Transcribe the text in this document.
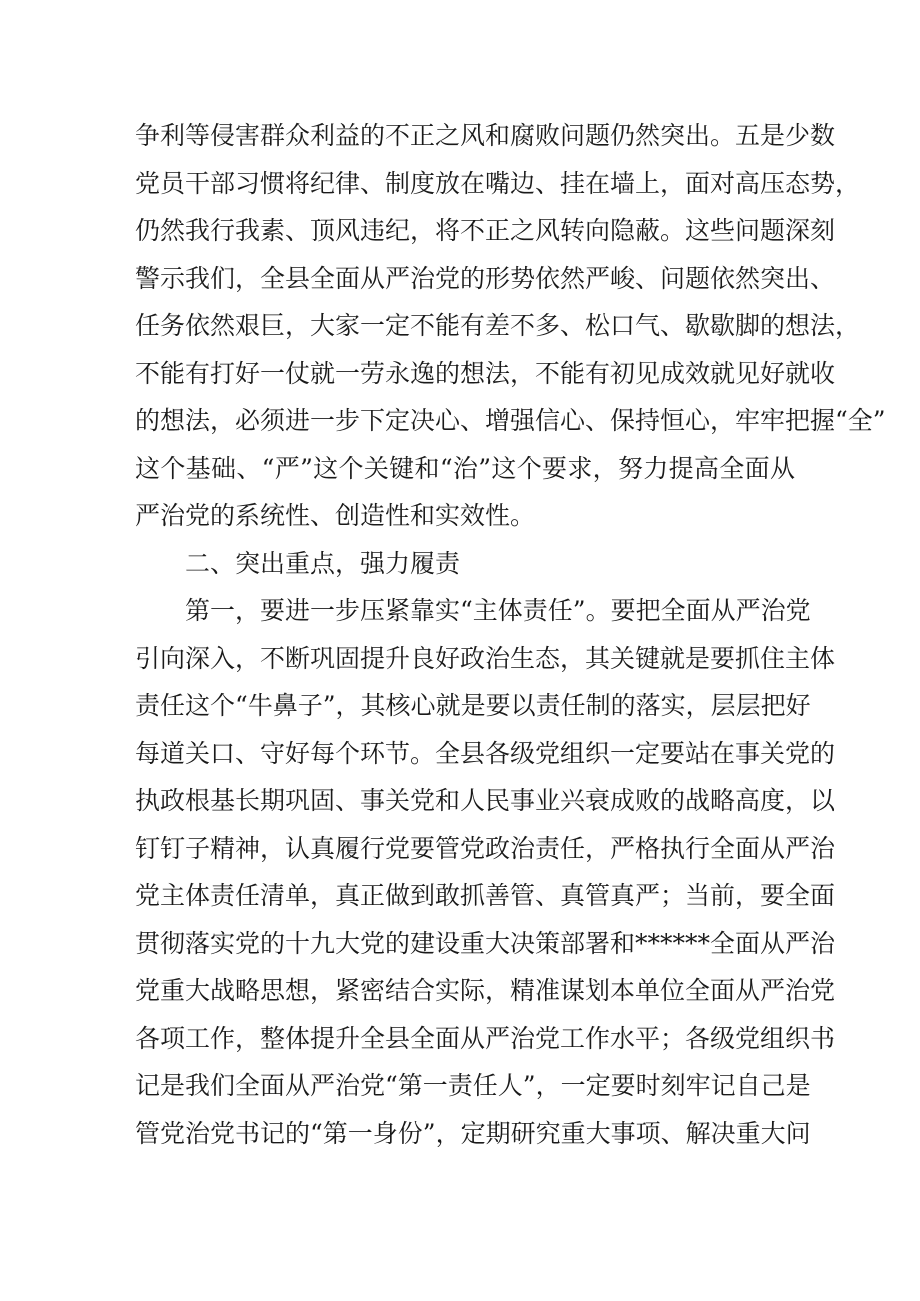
争利等侵害群众利益的不正之风和腐败问题仍然突出。五是少数
党员干部习惯将纪律、制度放在嘴边、挂在墙上，面对高压态势，
仍然我行我素、顶风违纪，将不正之风转向隐蔽。这些问题深刻
警示我们，全县全面从严治党的形势依然严峻、问题依然突出、
任务依然艰巨，大家一定不能有差不多、松口气、歇歇脚的想法，
不能有打好一仗就一劳永逸的想法，不能有初见成效就见好就收
的想法，必须进一步下定决心、增强信心、保持恒心，牢牢把握“全”
这个基础、“严”这个关键和“治”这个要求，努力提高全面从
严治党的系统性、创造性和实效性。
二、突出重点，强力履责
第一，要进一步压紧靠实“主体责任”。要把全面从严治党
引向深入，不断巩固提升良好政治生态，其关键就是要抓住主体
责任这个“牛鼻子”，其核心就是要以责任制的落实，层层把好
每道关口、守好每个环节。全县各级党组织一定要站在事关党的
执政根基长期巩固、事关党和人民事业兴衰成败的战略高度，以
钉钉子精神，认真履行党要管党政治责任，严格执行全面从严治
党主体责任清单，真正做到敢抓善管、真管真严；当前，要全面
贯彻落实党的十九大党的建设重大决策部署和******全面从严治
党重大战略思想，紧密结合实际，精准谋划本单位全面从严治党
各项工作，整体提升全县全面从严治党工作水平；各级党组织书
记是我们全面从严治党“第一责任人”，一定要时刻牢记自己是
管党治党书记的“第一身份”，定期研究重大事项、解决重大问
